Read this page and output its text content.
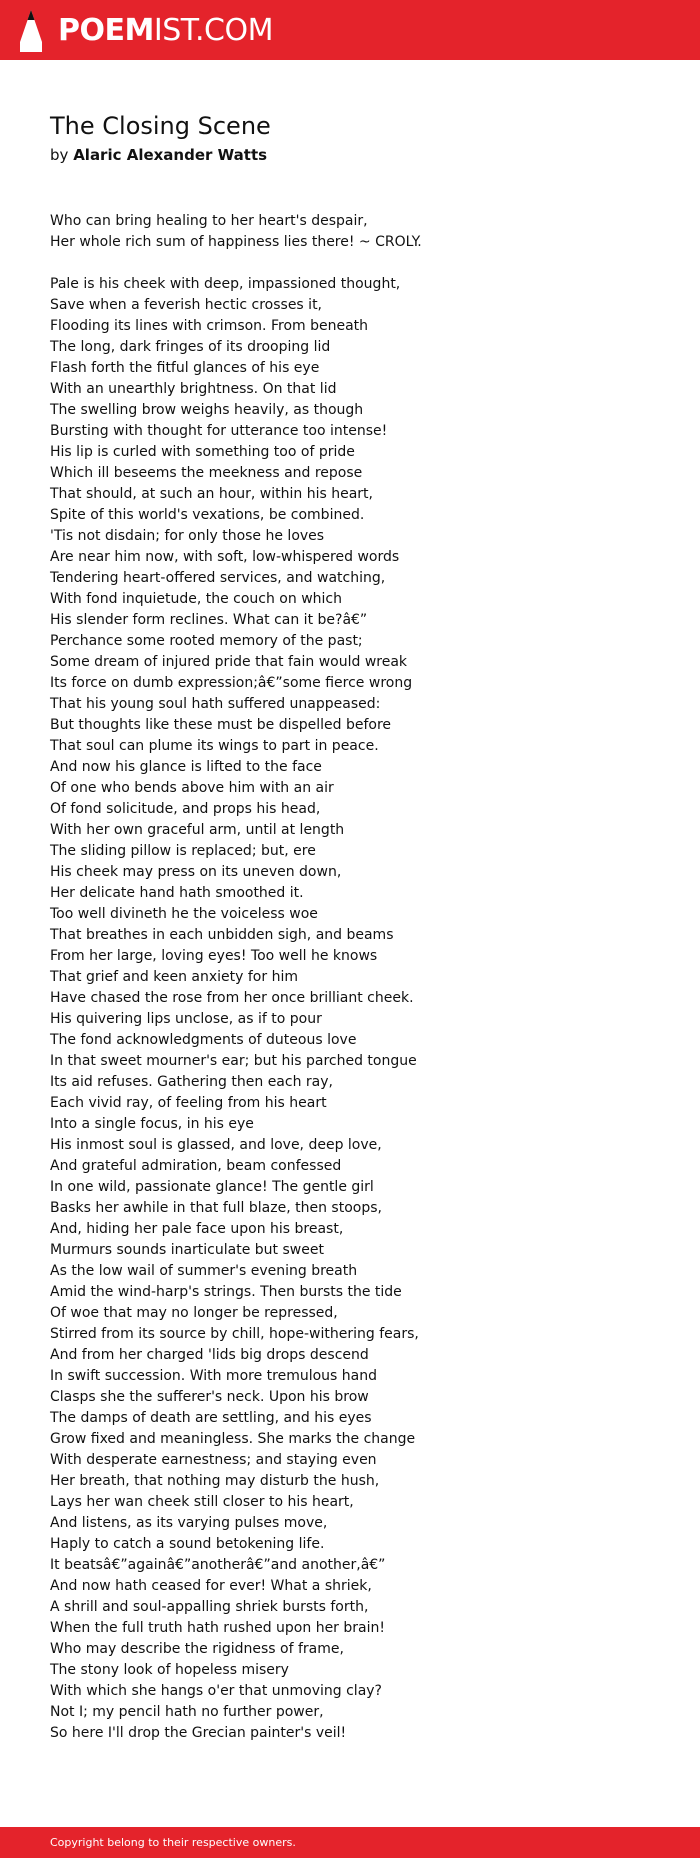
POEMIST.COM
The Closing Scene
by Alaric Alexander Watts
Who can bring healing to her heart's despair,
Her whole rich sum of happiness lies there! ~ CROLY.
Pale is his cheek with deep, impassioned thought,
Save when a feverish hectic crosses it,
Flooding its lines with crimson. From beneath
The long, dark fringes of its drooping lid
Flash forth the fitful glances of his eye
With an unearthly brightness. On that lid
The swelling brow weighs heavily, as though
Bursting with thought for utterance too intense!
His lip is curled with something too of pride
Which ill beseems the meekness and repose
That should, at such an hour, within his heart,
Spite of this world's vexations, be combined.
'Tis not disdain; for only those he loves
Are near him now, with soft, low-whispered words
Tendering heart-offered services, and watching,
With fond inquietude, the couch on which
His slender form reclines. What can it be?â€”
Perchance some rooted memory of the past;
Some dream of injured pride that fain would wreak
Its force on dumb expression;â€”some fierce wrong
That his young soul hath suffered unappeased:
But thoughts like these must be dispelled before
That soul can plume its wings to part in peace.
And now his glance is lifted to the face
Of one who bends above him with an air
Of fond solicitude, and props his head,
With her own graceful arm, until at length
The sliding pillow is replaced; but, ere
His cheek may press on its uneven down,
Her delicate hand hath smoothed it.
Too well divineth he the voiceless woe
That breathes in each unbidden sigh, and beams
From her large, loving eyes! Too well he knows
That grief and keen anxiety for him
Have chased the rose from her once brilliant cheek.
His quivering lips unclose, as if to pour
The fond acknowledgments of duteous love
In that sweet mourner's ear; but his parched tongue
Its aid refuses. Gathering then each ray,
Each vivid ray, of feeling from his heart
Into a single focus, in his eye
His inmost soul is glassed, and love, deep love,
And grateful admiration, beam confessed
In one wild, passionate glance! The gentle girl
Basks her awhile in that full blaze, then stoops,
And, hiding her pale face upon his breast,
Murmurs sounds inarticulate but sweet
As the low wail of summer's evening breath
Amid the wind-harp's strings. Then bursts the tide
Of woe that may no longer be repressed,
Stirred from its source by chill, hope-withering fears,
And from her charged 'lids big drops descend
In swift succession. With more tremulous hand
Clasps she the sufferer's neck. Upon his brow
The damps of death are settling, and his eyes
Grow fixed and meaningless. She marks the change
With desperate earnestness; and staying even
Her breath, that nothing may disturb the hush,
Lays her wan cheek still closer to his heart,
And listens, as its varying pulses move,
Haply to catch a sound betokening life.
It beatsâ€”againâ€”anotherâ€”and another,â€”
And now hath ceased for ever! What a shriek,
A shrill and soul-appalling shriek bursts forth,
When the full truth hath rushed upon her brain!
Who may describe the rigidness of frame,
The stony look of hopeless misery
With which she hangs o'er that unmoving clay?
Not I; my pencil hath no further power,
So here I'll drop the Grecian painter's veil!
Copyright belong to their respective owners.
